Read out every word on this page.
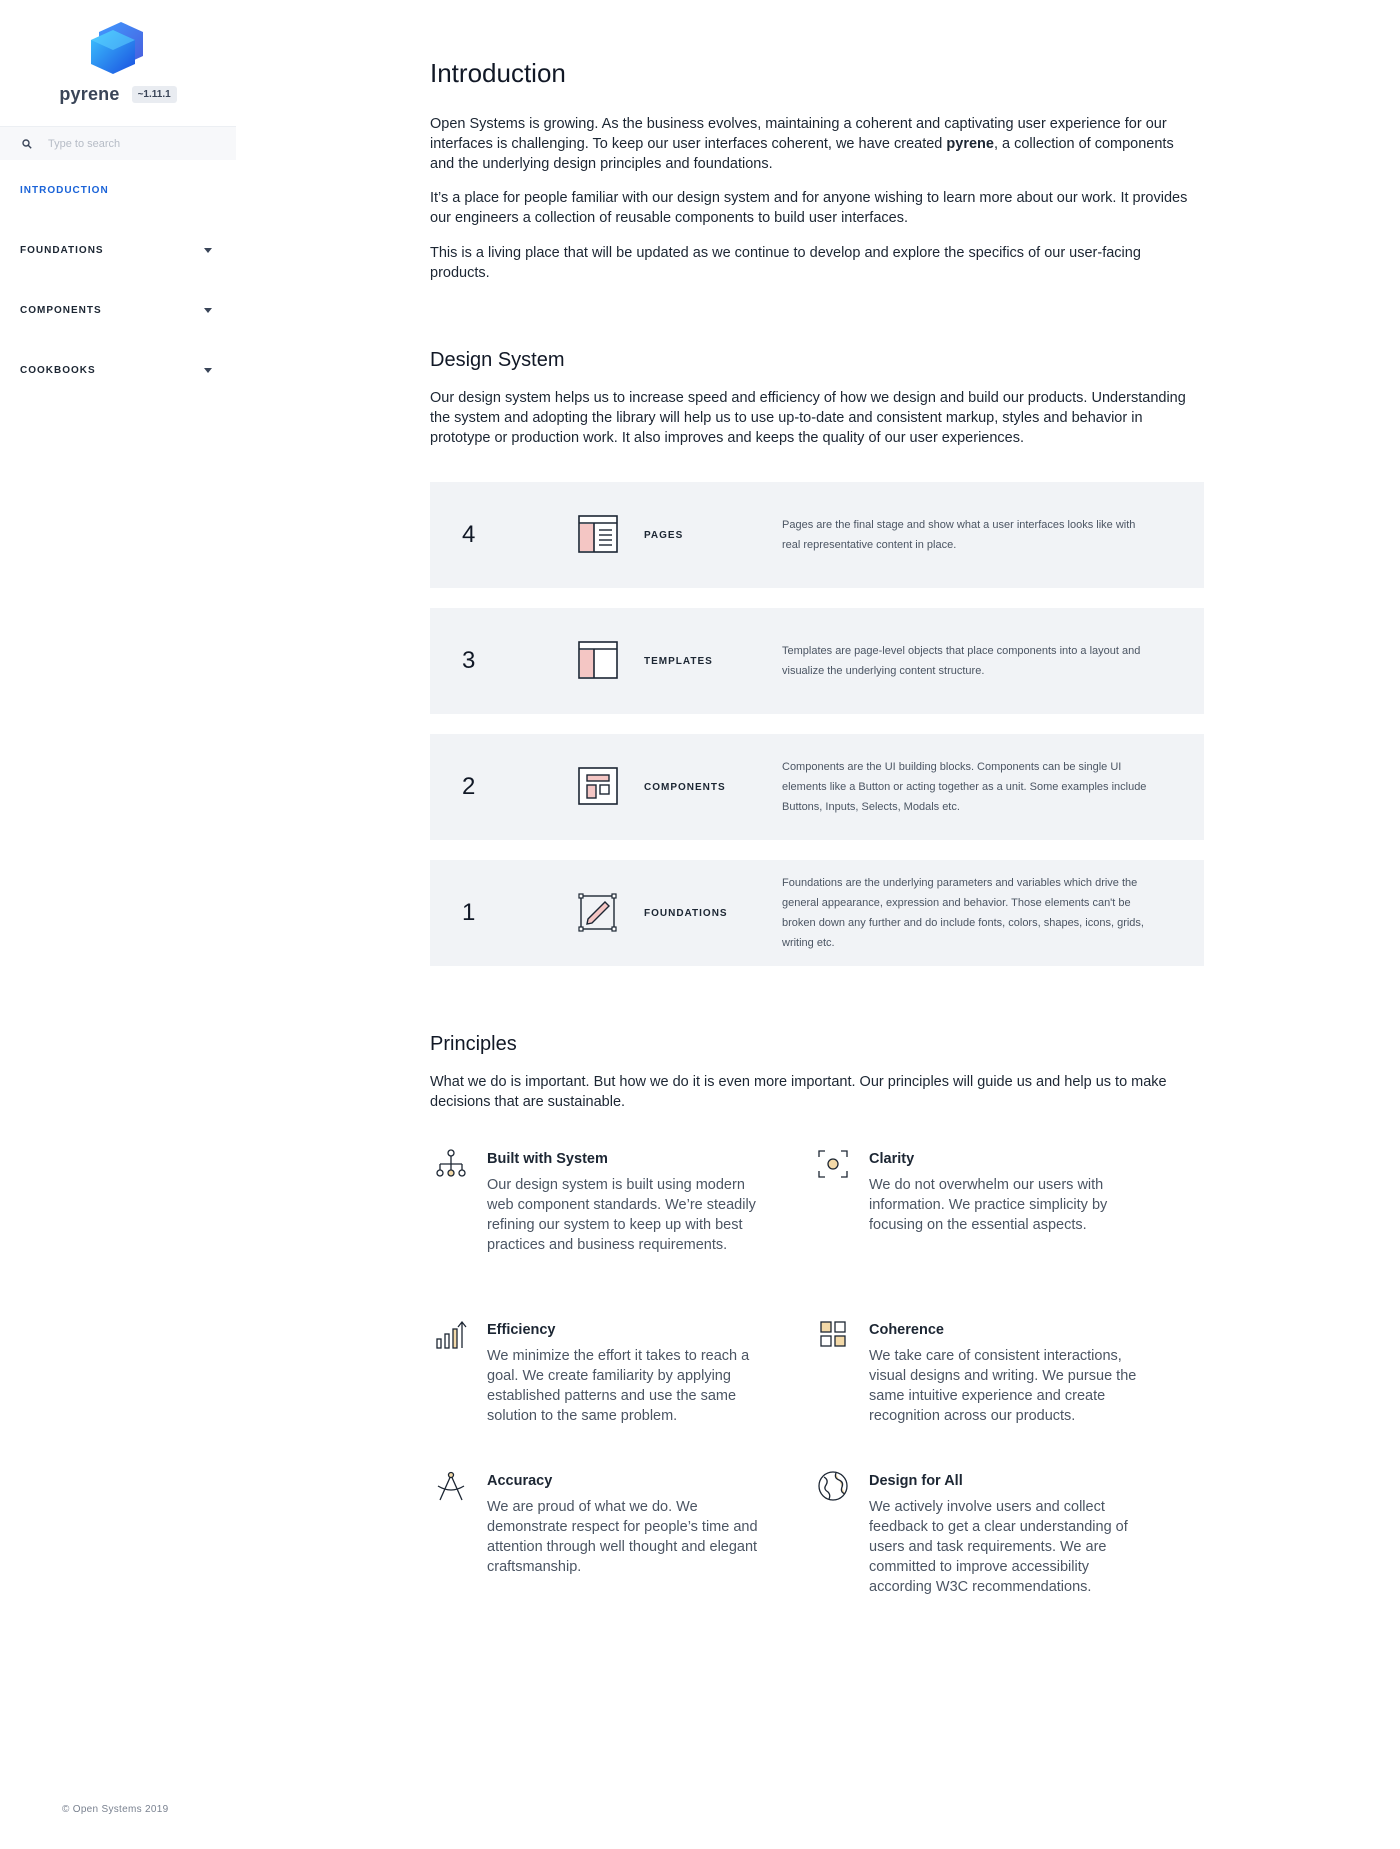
pyrene	~1.11.1
Type to search
INTRODUCTION
FOUNDATIONS
COMPONENTS
COOKBOOKS
© Open Systems 2019
Introduction

Open Systems is growing. As the business evolves, maintaining a coherent and captivating user experience for our interfaces is challenging. To keep our user interfaces coherent, we have created pyrene, a collection of components and the underlying design principles and foundations.

It’s a place for people familiar with our design system and for anyone wishing to learn more about our work. It provides our engineers a collection of reusable components to build user interfaces.

This is a living place that will be updated as we continue to develop and explore the specifics of our user-facing products.

Design System

Our design system helps us to increase speed and efficiency of how we design and build our products. Understanding the system and adopting the library will help us to use up-to-date and consistent markup, styles and behavior in prototype or production work. It also improves and keeps the quality of our user experiences.

4	PAGES
Pages are the final stage and show what a user interfaces looks like with real representative content in place.
3	TEMPLATES
Templates are page-level objects that place components into a layout and visualize the underlying content structure.
2	COMPONENTS
Components are the UI building blocks. Components can be single UI elements like a Button or acting together as a unit. Some examples include Buttons, Inputs, Selects, Modals etc.
1	FOUNDATIONS
Foundations are the underlying parameters and variables which drive the general appearance, expression and behavior. Those elements can't be broken down any further and do include fonts, colors, shapes, icons, grids, writing etc.
Principles

What we do is important. But how we do it is even more important. Our principles will guide us and help us to make decisions that are sustainable.

Built with System
Our design system is built using modern web component standards. We’re steadily refining our system to keep up with best practices and business requirements.
Clarity
We do not overwhelm our users with information. We practice simplicity by focusing on the essential aspects.
Efficiency
We minimize the effort it takes to reach a goal. We create familiarity by applying established patterns and use the same solution to the same problem.
Coherence
We take care of consistent interactions, visual designs and writing. We pursue the same intuitive experience and create recognition across our products.
Accuracy
We are proud of what we do. We demonstrate respect for people’s time and attention through well thought and elegant craftsmanship.
Design for All
We actively involve users and collect feedback to get a clear understanding of users and task requirements. We are committed to improve accessibility according W3C recommendations.
